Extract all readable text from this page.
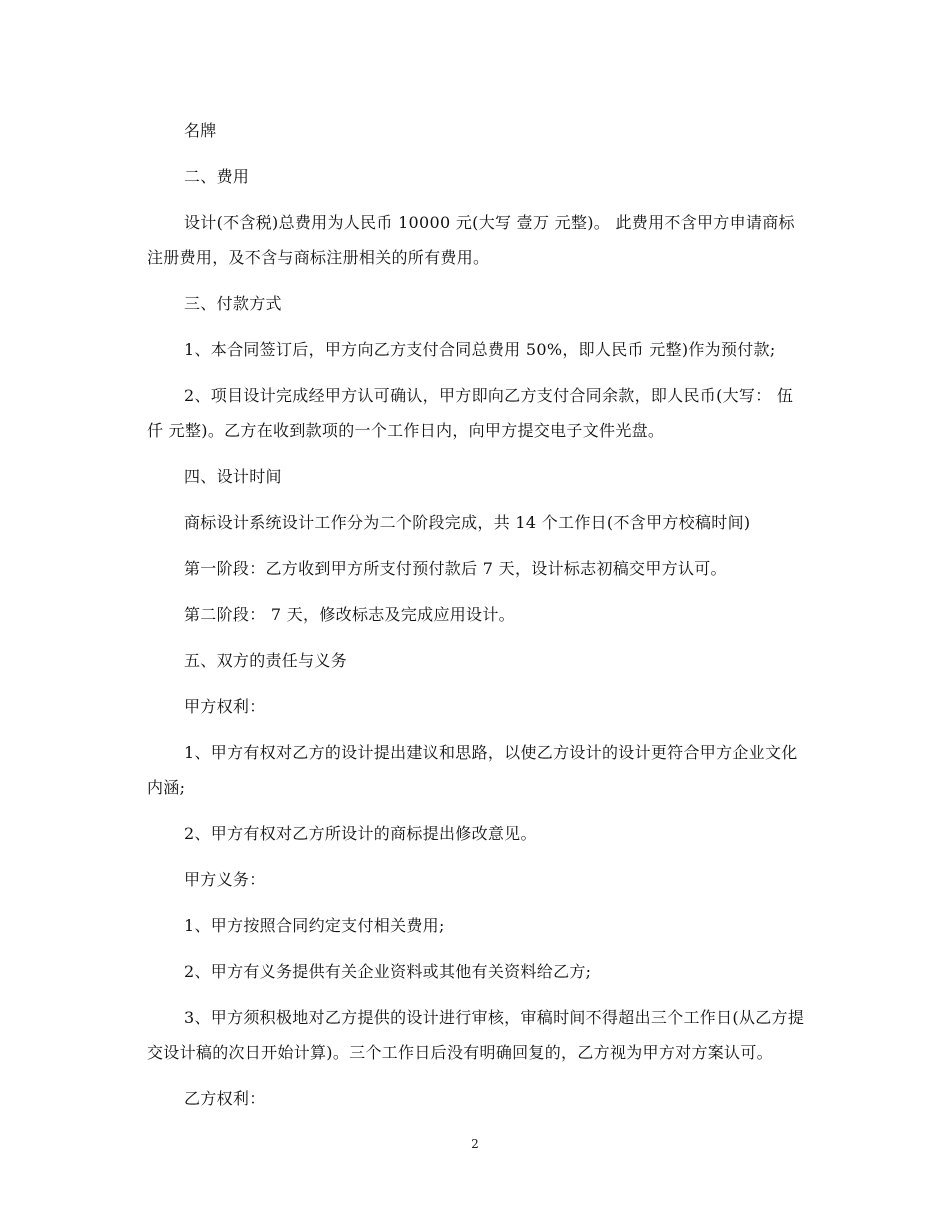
名牌

二、费用

设计(不含税)总费用为人民币 10000 元(大写 壹万 元整)。 此费用不含甲方申请商标注册费用，及不含与商标注册相关的所有费用。

三、付款方式

1、本合同签订后，甲方向乙方支付合同总费用 50%，即人民币 元整)作为预付款;

2、项目设计完成经甲方认可确认，甲方即向乙方支付合同余款，即人民币(大写： 伍仟 元整)。乙方在收到款项的一个工作日内，向甲方提交电子文件光盘。

四、设计时间

商标设计系统设计工作分为二个阶段完成，共 14 个工作日(不含甲方校稿时间)

第一阶段：乙方收到甲方所支付预付款后 7 天，设计标志初稿交甲方认可。

第二阶段： 7 天，修改标志及完成应用设计。

五、双方的责任与义务

甲方权利：

1、甲方有权对乙方的设计提出建议和思路，以使乙方设计的设计更符合甲方企业文化内涵;

2、甲方有权对乙方所设计的商标提出修改意见。

甲方义务：

1、甲方按照合同约定支付相关费用;

2、甲方有义务提供有关企业资料或其他有关资料给乙方;

3、甲方须积极地对乙方提供的设计进行审核，审稿时间不得超出三个工作日(从乙方提交设计稿的次日开始计算)。三个工作日后没有明确回复的，乙方视为甲方对方案认可。

乙方权利：

2
